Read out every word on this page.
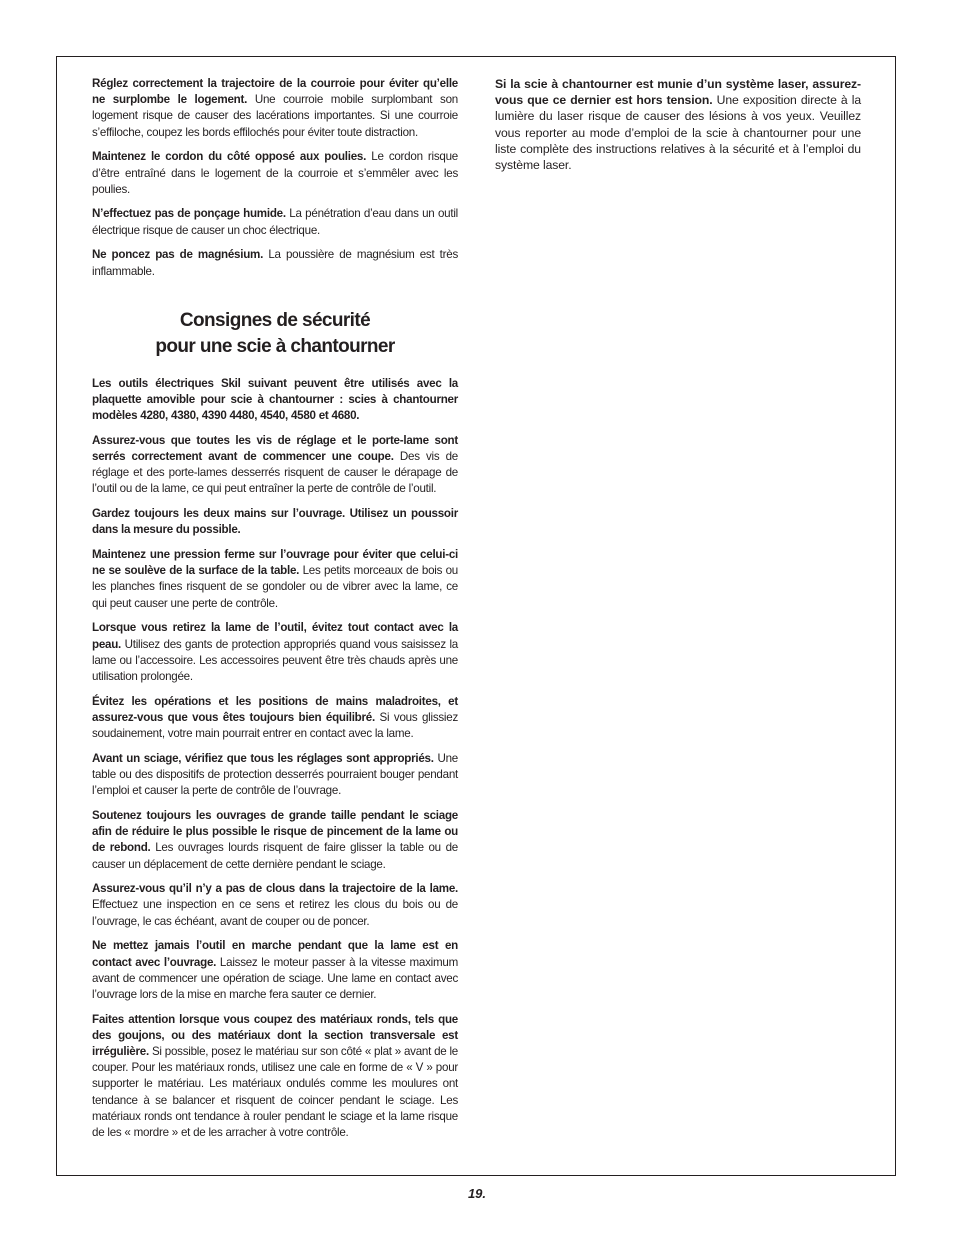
Réglez correctement la trajectoire de la courroie pour éviter qu’elle ne surplombe le logement. Une courroie mobile surplombant son logement risque de causer des lacérations importantes. Si une courroie s’effiloche, coupez les bords effilochés pour éviter toute distraction.

Maintenez le cordon du côté opposé aux poulies. Le cordon risque d’être entraîné dans le logement de la courroie et s’emmêler avec les poulies.

N’effectuez pas de ponçage humide. La pénétration d’eau dans un outil électrique risque de causer un choc électrique.

Ne poncez pas de magnésium. La poussière de magnésium est très inflammable.

Consignes de sécurité
pour une scie à chantourner

Les outils électriques Skil suivant peuvent être utilisés avec la plaquette amovible pour scie à chantourner : scies à chantourner modèles 4280, 4380, 4390 4480, 4540, 4580 et 4680.

Assurez-vous que toutes les vis de réglage et le porte-lame sont serrés correctement avant de commencer une coupe. Des vis de réglage et des porte-lames desserrés risquent de causer le dérapage de l’outil ou de la lame, ce qui peut entraîner la perte de contrôle de l’outil.

Gardez toujours les deux mains sur l’ouvrage. Utilisez un poussoir dans la mesure du possible.

Maintenez une pression ferme sur l’ouvrage pour éviter que celui-ci ne se soulève de la surface de la table. Les petits morceaux de bois ou les planches fines risquent de se gondoler ou de vibrer avec la lame, ce qui peut causer une perte de contrôle.

Lorsque vous retirez la lame de l’outil, évitez tout contact avec la peau. Utilisez des gants de protection appropriés quand vous saisissez la lame ou l’accessoire. Les accessoires peuvent être très chauds après une utilisation prolongée.

Évitez les opérations et les positions de mains maladroites, et assurez-vous que vous êtes toujours bien équilibré. Si vous glissiez soudainement, votre main pourrait entrer en contact avec la lame.

Avant un sciage, vérifiez que tous les réglages sont appropriés. Une table ou des dispositifs de protection desserrés pourraient bouger pendant l’emploi et causer la perte de contrôle de l’ouvrage.

Soutenez toujours les ouvrages de grande taille pendant le sciage afin de réduire le plus possible le risque de pincement de la lame ou de rebond. Les ouvrages lourds risquent de faire glisser la table ou de causer un déplacement de cette dernière pendant le sciage.

Assurez-vous qu’il n’y a pas de clous dans la trajectoire de la lame. Effectuez une inspection en ce sens et retirez les clous du bois ou de l’ouvrage, le cas échéant, avant de couper ou de poncer.

Ne mettez jamais l’outil en marche pendant que la lame est en contact avec l’ouvrage. Laissez le moteur passer à la vitesse maximum avant de commencer une opération de sciage. Une lame en contact avec l’ouvrage lors de la mise en marche fera sauter ce dernier.

Faites attention lorsque vous coupez des matériaux ronds, tels que des goujons, ou des matériaux dont la section transversale est irrégulière. Si possible, posez le matériau sur son côté « plat » avant de le couper. Pour les matériaux ronds, utilisez une cale en forme de « V » pour supporter le matériau. Les matériaux ondulés comme les moulures ont tendance à se balancer et risquent de coincer pendant le sciage. Les matériaux ronds ont tendance à rouler pendant le sciage et la lame risque de les « mordre » et de les arracher à votre contrôle.

Si la scie à chantourner est munie d’un système laser, assurez-vous que ce dernier est hors tension. Une exposition directe à la lumière du laser risque de causer des lésions à vos yeux. Veuillez vous reporter au mode d’emploi de la scie à chantourner pour une liste complète des instructions relatives à la sécurité et à l’emploi du système laser.

19.
